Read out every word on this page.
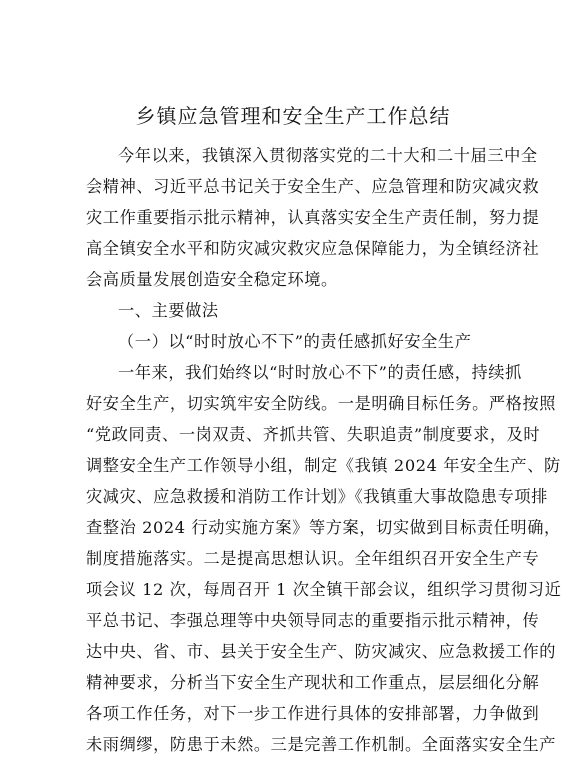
乡镇应急管理和安全生产工作总结
今年以来，我镇深入贯彻落实党的二十大和二十届三中全
会精神、习近平总书记关于安全生产、应急管理和防灾减灾救
灾工作重要指示批示精神，认真落实安全生产责任制，努力提
高全镇安全水平和防灾减灾救灾应急保障能力，为全镇经济社
会高质量发展创造安全稳定环境。
一、主要做法
（一）以“时时放心不下”的责任感抓好安全生产
一年来，我们始终以“时时放心不下”的责任感，持续抓
好安全生产，切实筑牢安全防线。一是明确目标任务。严格按照
“党政同责、一岗双责、齐抓共管、失职追责”制度要求，及时
调整安全生产工作领导小组，制定《我镇 2024 年安全生产、防
灾减灾、应急救援和消防工作计划》《我镇重大事故隐患专项排
查整治 2024 行动实施方案》等方案，切实做到目标责任明确，
制度措施落实。二是提高思想认识。全年组织召开安全生产专
项会议 12 次，每周召开 1 次全镇干部会议，组织学习贯彻习近
平总书记、李强总理等中央领导同志的重要指示批示精神，传
达中央、省、市、县关于安全生产、防灾减灾、应急救援工作的
精神要求，分析当下安全生产现状和工作重点，层层细化分解
各项工作任务，对下一步工作进行具体的安排部署，力争做到
未雨绸缪，防患于未然。三是完善工作机制。全面落实安全生产
